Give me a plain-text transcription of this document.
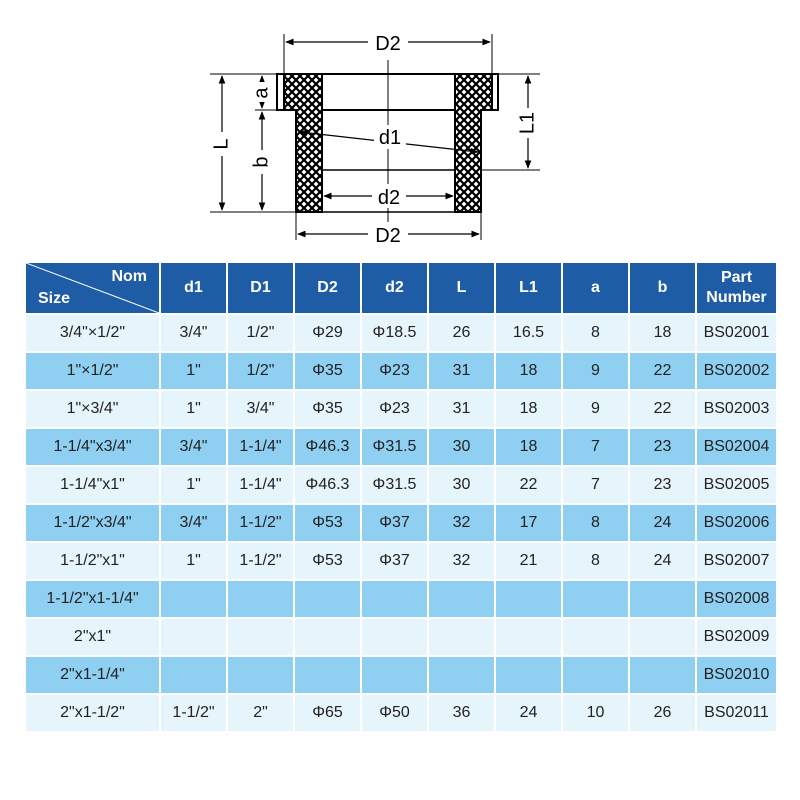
D2
d1
d2
D2
L
a
b
L1
Nom
Size	d1	D1	D2	d2	L	L1	a	b	Part
Number
3/4"×1/2"	3/4"	1/2"	Φ29	Φ18.5	26	16.5	8	18	BS02001
1"×1/2"	1"	1/2"	Φ35	Φ23	31	18	9	22	BS02002
1"×3/4"	1"	3/4"	Φ35	Φ23	31	18	9	22	BS02003
1-1/4"x3/4"	3/4"	1-1/4"	Φ46.3	Φ31.5	30	18	7	23	BS02004
1-1/4"x1"	1"	1-1/4"	Φ46.3	Φ31.5	30	22	7	23	BS02005
1-1/2"x3/4"	3/4"	1-1/2"	Φ53	Φ37	32	17	8	24	BS02006
1-1/2"x1"	1"	1-1/2"	Φ53	Φ37	32	21	8	24	BS02007
1-1/2"x1-1/4"									BS02008
2"x1"									BS02009
2"x1-1/4"									BS02010
2"x1-1/2"	1-1/2"	2"	Φ65	Φ50	36	24	10	26	BS02011
